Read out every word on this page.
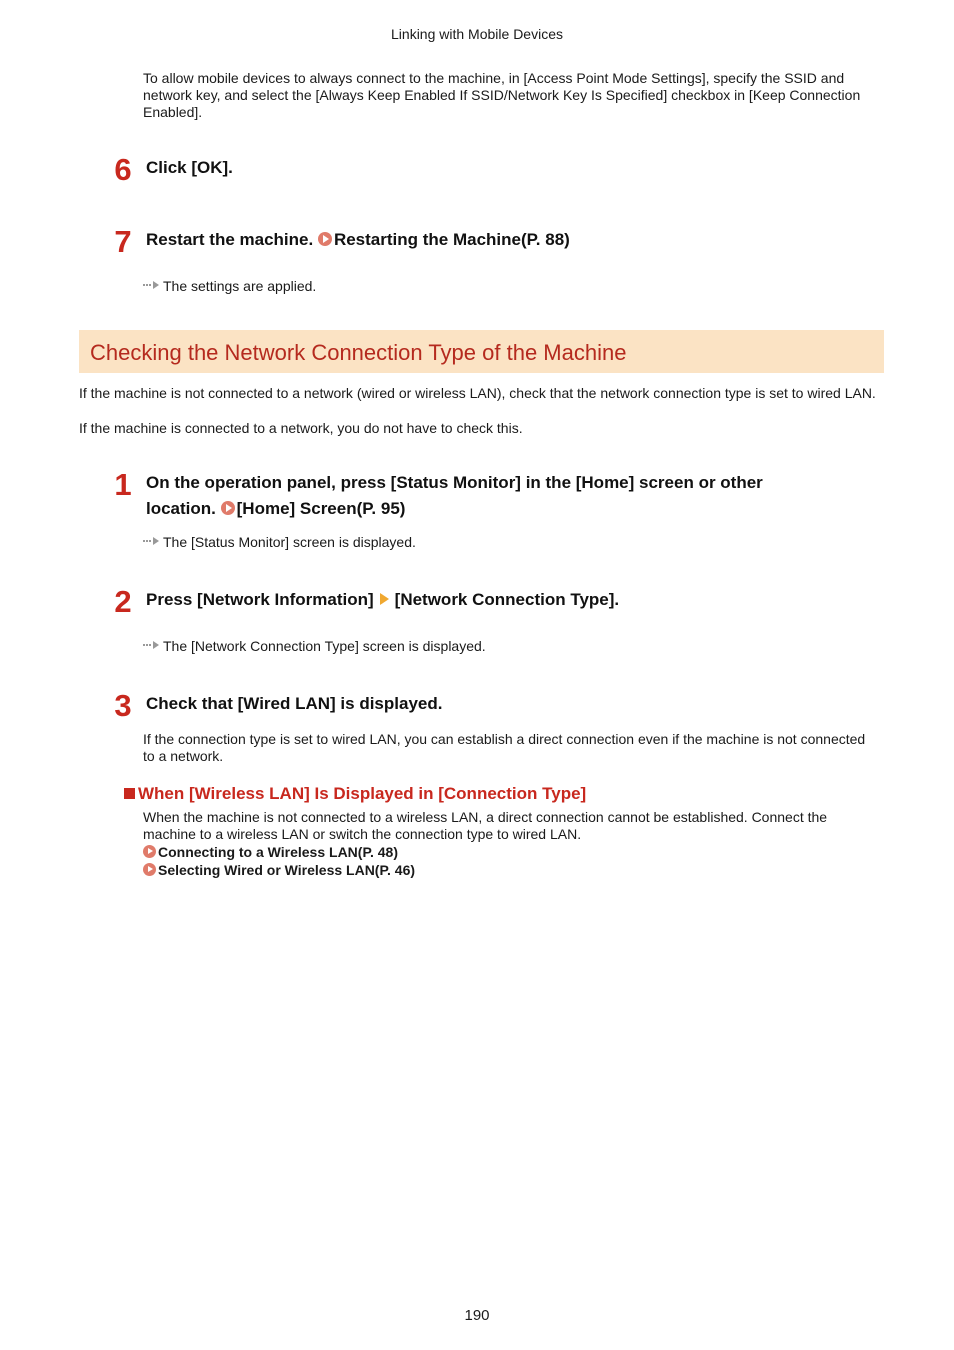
Linking with Mobile Devices
To allow mobile devices to always connect to the machine, in [Access Point Mode Settings], specify the SSID and network key, and select the [Always Keep Enabled If SSID/Network Key Is Specified] checkbox in [Keep Connection Enabled].
6 Click [OK].
7 Restart the machine. Restarting the Machine(P. 88)
The settings are applied.
Checking the Network Connection Type of the Machine
If the machine is not connected to a network (wired or wireless LAN), check that the network connection type is set to wired LAN.
If the machine is connected to a network, you do not have to check this.
1 On the operation panel, press [Status Monitor] in the [Home] screen or other location. [Home] Screen(P. 95)
The [Status Monitor] screen is displayed.
2 Press [Network Information] [Network Connection Type].
The [Network Connection Type] screen is displayed.
3 Check that [Wired LAN] is displayed.
If the connection type is set to wired LAN, you can establish a direct connection even if the machine is not connected to a network.
When [Wireless LAN] Is Displayed in [Connection Type]
When the machine is not connected to a wireless LAN, a direct connection cannot be established. Connect the machine to a wireless LAN or switch the connection type to wired LAN.
Connecting to a Wireless LAN(P. 48)
Selecting Wired or Wireless LAN(P. 46)
190
